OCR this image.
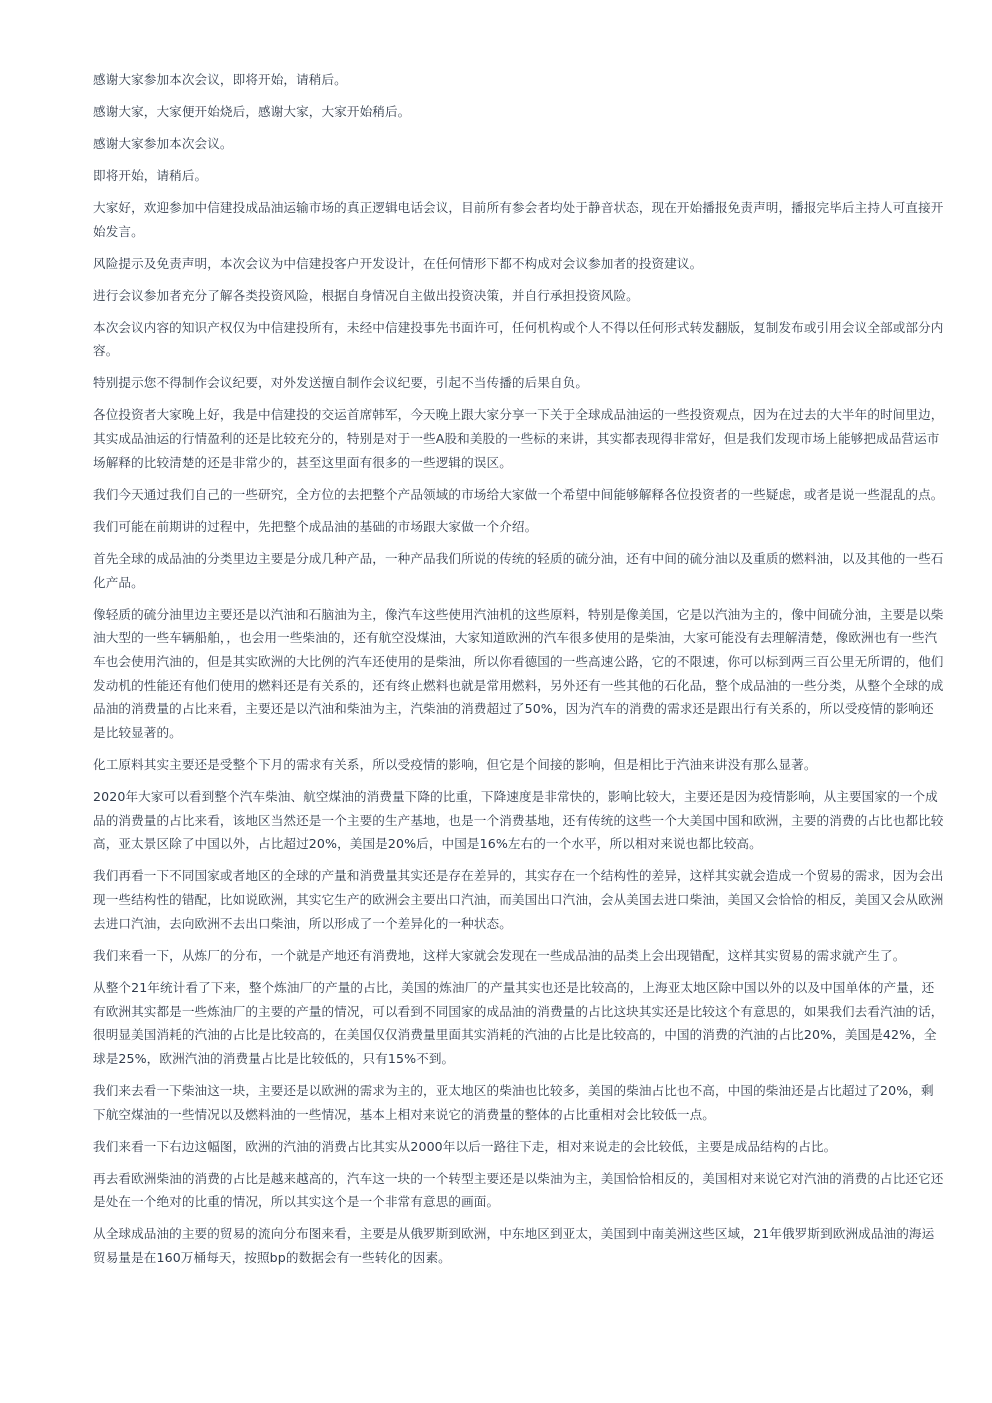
感谢大家参加本次会议，即将开始，请稍后。

感谢大家，大家便开始烧后，感谢大家，大家开始稍后。

感谢大家参加本次会议。

即将开始，请稍后。

大家好，欢迎参加中信建投成品油运输市场的真正逻辑电话会议，目前所有参会者均处于静音状态，现在开始播报免责声明，播报完毕后主持人可直接开始发言。

风险提示及免责声明，本次会议为中信建投客户开发设计，在任何情形下都不构成对会议参加者的投资建议。

进行会议参加者充分了解各类投资风险，根据自身情况自主做出投资决策，并自行承担投资风险。

本次会议内容的知识产权仅为中信建投所有，未经中信建投事先书面许可，任何机构或个人不得以任何形式转发翻版，复制发布或引用会议全部或部分内容。

特别提示您不得制作会议纪要，对外发送擅自制作会议纪要，引起不当传播的后果自负。

各位投资者大家晚上好，我是中信建投的交运首席韩军，今天晚上跟大家分享一下关于全球成品油运的一些投资观点，因为在过去的大半年的时间里边，其实成品油运的行情盈利的还是比较充分的，特别是对于一些A股和美股的一些标的来讲，其实都表现得非常好，但是我们发现市场上能够把成品营运市场解释的比较清楚的还是非常少的，甚至这里面有很多的一些逻辑的误区。

我们今天通过我们自己的一些研究，全方位的去把整个产品领域的市场给大家做一个希望中间能够解释各位投资者的一些疑虑，或者是说一些混乱的点。

我们可能在前期讲的过程中，先把整个成品油的基础的市场跟大家做一个介绍。

首先全球的成品油的分类里边主要是分成几种产品，一种产品我们所说的传统的轻质的硫分油，还有中间的硫分油以及重质的燃料油，以及其他的一些石化产品。

像轻质的硫分油里边主要还是以汽油和石脑油为主，像汽车这些使用汽油机的这些原料，特别是像美国，它是以汽油为主的，像中间硫分油，主要是以柴油大型的一些车辆船舶，，也会用一些柴油的，还有航空没煤油，大家知道欧洲的汽车很多使用的是柴油，大家可能没有去理解清楚，像欧洲也有一些汽车也会使用汽油的，但是其实欧洲的大比例的汽车还使用的是柴油，所以你看德国的一些高速公路，它的不限速，你可以标到两三百公里无所谓的，他们发动机的性能还有他们使用的燃料还是有关系的，还有终止燃料也就是常用燃料，另外还有一些其他的石化品，整个成品油的一些分类，从整个全球的成品油的消费量的占比来看，主要还是以汽油和柴油为主，汽柴油的消费超过了50%，因为汽车的消费的需求还是跟出行有关系的，所以受疫情的影响还是比较显著的。

化工原料其实主要还是受整个下月的需求有关系，所以受疫情的影响，但它是个间接的影响，但是相比于汽油来讲没有那么显著。

2020年大家可以看到整个汽车柴油、航空煤油的消费量下降的比重，下降速度是非常快的，影响比较大，主要还是因为疫情影响，从主要国家的一个成品的消费量的占比来看，该地区当然还是一个主要的生产基地，也是一个消费基地，还有传统的这些一个大美国中国和欧洲，主要的消费的占比也都比较高，亚太景区除了中国以外，占比超过20%，美国是20%后，中国是16%左右的一个水平，所以相对来说也都比较高。

我们再看一下不同国家或者地区的全球的产量和消费量其实还是存在差异的，其实存在一个结构性的差异，这样其实就会造成一个贸易的需求，因为会出现一些结构性的错配，比如说欧洲，其实它生产的欧洲会主要出口汽油，而美国出口汽油，会从美国去进口柴油，美国又会恰恰的相反，美国又会从欧洲去进口汽油，去向欧洲不去出口柴油，所以形成了一个差异化的一种状态。

我们来看一下，从炼厂的分布，一个就是产地还有消费地，这样大家就会发现在一些成品油的品类上会出现错配，这样其实贸易的需求就产生了。

从整个21年统计看了下来，整个炼油厂的产量的占比，美国的炼油厂的产量其实也还是比较高的，上海亚太地区除中国以外的以及中国单体的产量，还有欧洲其实都是一些炼油厂的主要的产量的情况，可以看到不同国家的成品油的消费量的占比这块其实还是比较这个有意思的，如果我们去看汽油的话，很明显美国消耗的汽油的占比是比较高的，在美国仅仅消费量里面其实消耗的汽油的占比是比较高的，中国的消费的汽油的占比20%，美国是42%，全球是25%，欧洲汽油的消费量占比是比较低的，只有15%不到。

我们来去看一下柴油这一块，主要还是以欧洲的需求为主的，亚太地区的柴油也比较多，美国的柴油占比也不高，中国的柴油还是占比超过了20%，剩下航空煤油的一些情况以及燃料油的一些情况，基本上相对来说它的消费量的整体的占比重相对会比较低一点。

我们来看一下右边这幅图，欧洲的汽油的消费占比其实从2000年以后一路往下走，相对来说走的会比较低，主要是成品结构的占比。

再去看欧洲柴油的消费的占比是越来越高的，汽车这一块的一个转型主要还是以柴油为主，美国恰恰相反的，美国相对来说它对汽油的消费的占比还它还是处在一个绝对的比重的情况，所以其实这个是一个非常有意思的画面。

从全球成品油的主要的贸易的流向分布图来看，主要是从俄罗斯到欧洲，中东地区到亚太，美国到中南美洲这些区域，21年俄罗斯到欧洲成品油的海运贸易量是在160万桶每天，按照bp的数据会有一些转化的因素。
